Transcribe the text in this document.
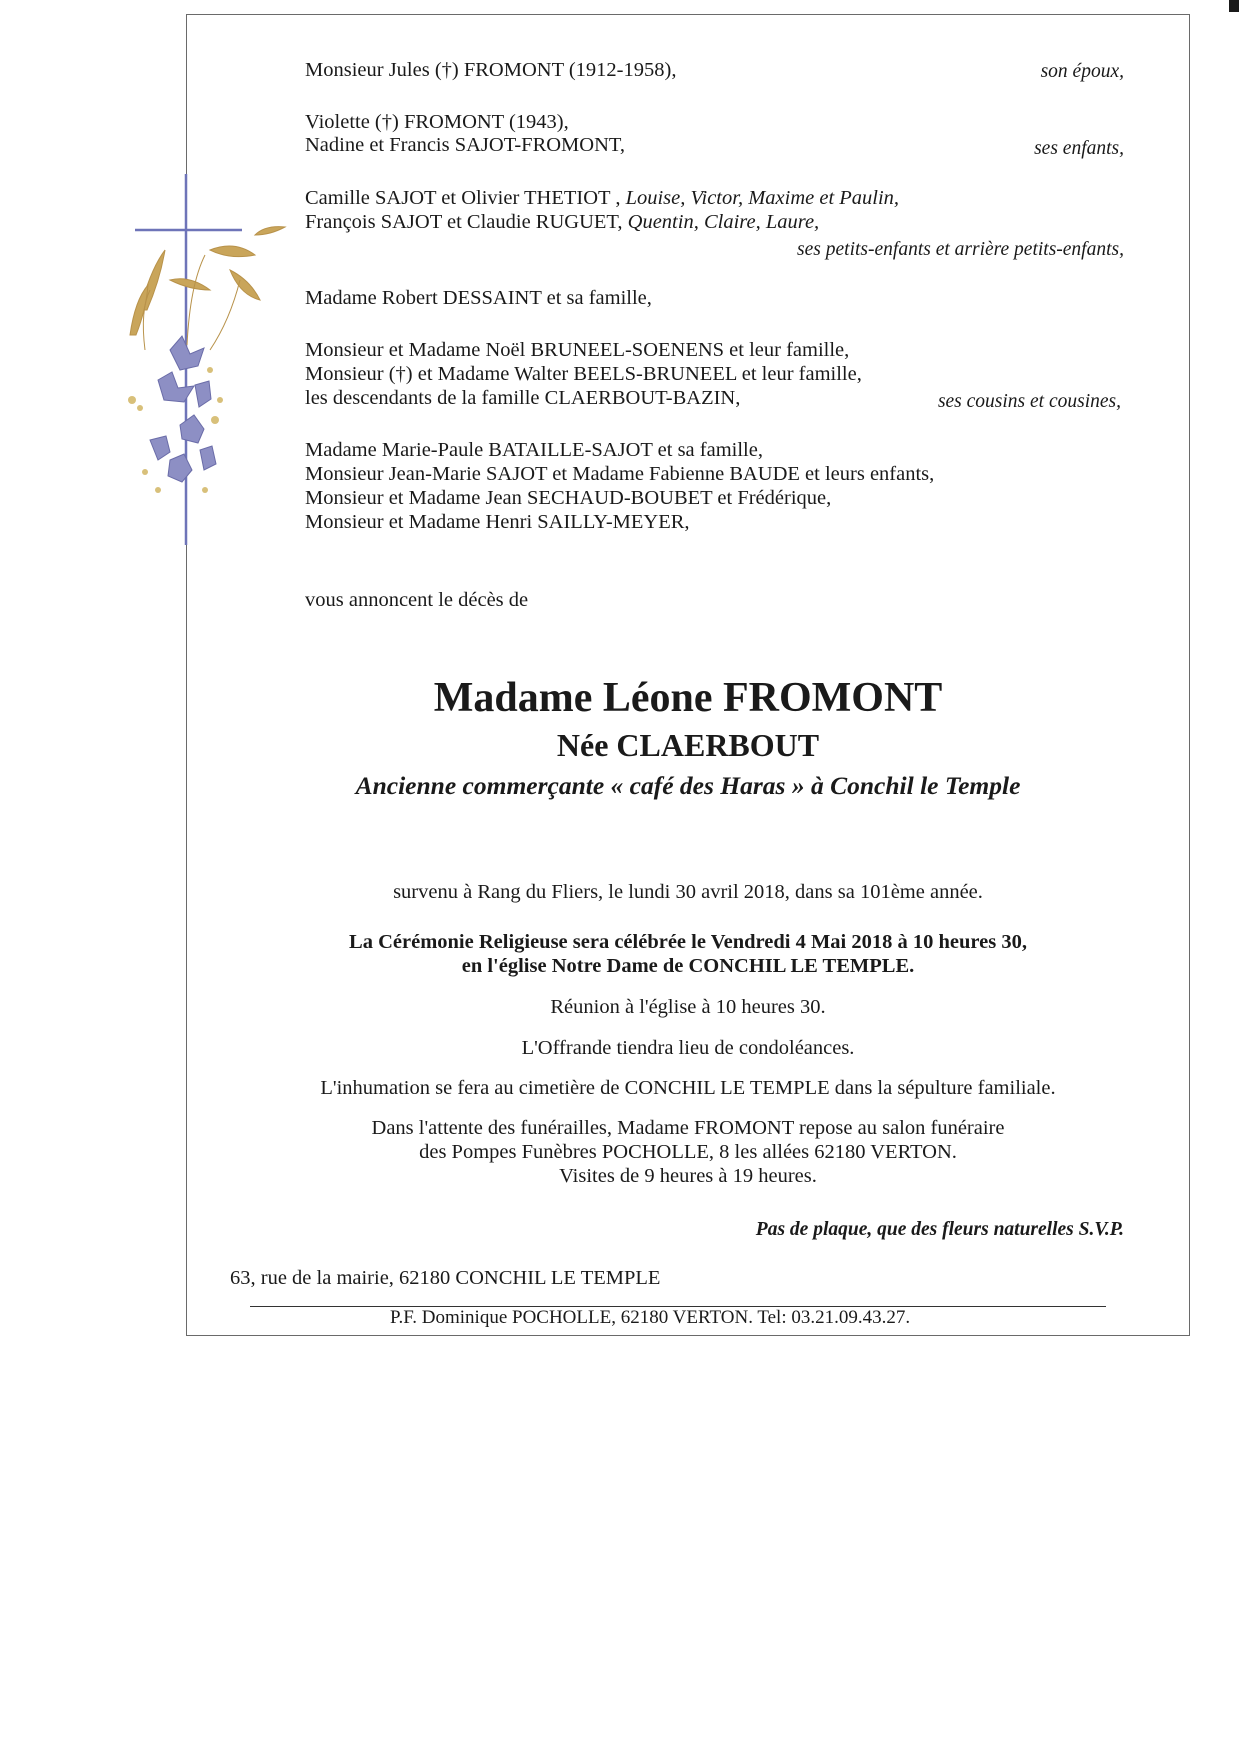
Monsieur Jules (†) FROMONT (1912-1958),	son époux,
Violette (†) FROMONT (1943),
Nadine et Francis SAJOT-FROMONT,	ses enfants,
Camille SAJOT et Olivier THETIOT , Louise, Victor, Maxime et Paulin,
François SAJOT et Claudie RUGUET, Quentin, Claire, Laure,
ses petits-enfants et arrière petits-enfants,
Madame Robert DESSAINT et sa famille,
Monsieur et Madame Noël BRUNEEL-SOENENS et leur famille,
Monsieur (†) et Madame Walter BEELS-BRUNEEL et leur famille,
les descendants de la famille CLAERBOUT-BAZIN,	ses cousins et cousines,
Madame Marie-Paule BATAILLE-SAJOT et sa famille,
Monsieur Jean-Marie SAJOT et Madame Fabienne BAUDE et leurs enfants,
Monsieur et Madame Jean SECHAUD-BOUBET et Frédérique,
Monsieur et Madame Henri SAILLY-MEYER,
vous annoncent le décès de
Madame Léone FROMONT
Née CLAERBOUT
Ancienne commerçante « café des Haras » à Conchil le Temple
survenu à Rang du Fliers, le lundi 30 avril 2018, dans sa 101ème année.
La Cérémonie Religieuse sera célébrée le Vendredi 4 Mai 2018 à 10 heures 30,
en l'église Notre Dame de CONCHIL LE TEMPLE.
Réunion à l'église à 10 heures 30.
L'Offrande tiendra lieu de condoléances.
L'inhumation se fera au cimetière de CONCHIL LE TEMPLE dans la sépulture familiale.
Dans l'attente des funérailles, Madame FROMONT repose au salon funéraire
des Pompes Funèbres POCHOLLE, 8 les allées 62180 VERTON.
Visites de 9 heures à 19 heures.
Pas de plaque, que des fleurs naturelles S.V.P.
63, rue de la mairie, 62180 CONCHIL LE TEMPLE
P.F. Dominique POCHOLLE, 62180 VERTON. Tel: 03.21.09.43.27.
